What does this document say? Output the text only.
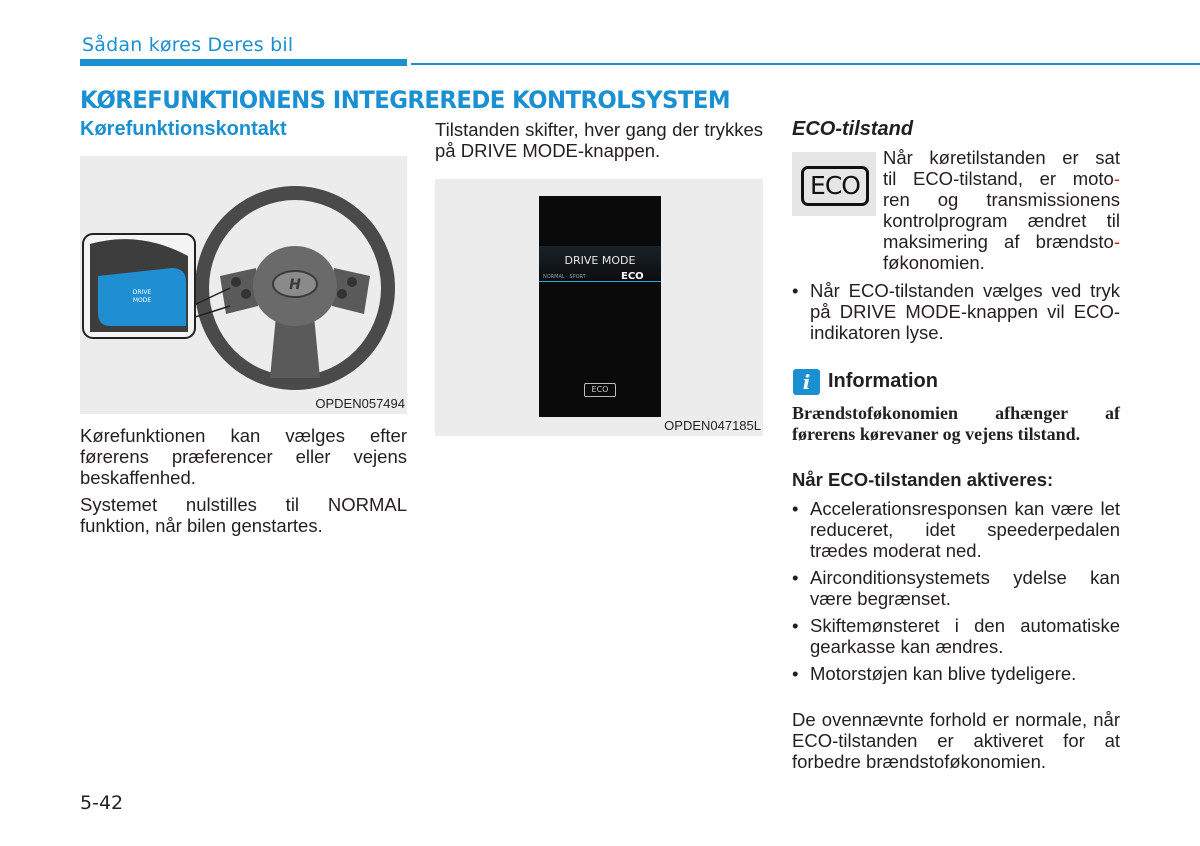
Sådan køres Deres bil
KØREFUNKTIONENS INTEGREREDE KONTROLSYSTEM
Kørefunktionskontakt
H
DRIVE
MODE
OPDEN057494
Kørefunktionen kan vælges efter førerens præferencer eller vejens beskaffenhed.
Systemet nulstilles til NORMAL funktion, når bilen genstartes.
Tilstanden skifter, hver gang der trykkes på DRIVE MODE-knappen.
DRIVE MODE
NORMAL · SPORT	ECO
ECO
OPDEN047185L
ECO-tilstand
ECO
Når køretilstanden er sat
til ECO-tilstand, er moto -
ren og transmissionens
kontrolprogram ændret til
maksimering af brændsto -
føkonomien.
• Når ECO-tilstanden vælges ved tryk på DRIVE MODE-knappen vil ECO-indikatoren lyse.
i Information
Brændstoføkonomien afhænger af førerens kørevaner og vejens tilstand.
Når ECO-tilstanden aktiveres:
• Accelerationsresponsen kan være let reduceret, idet speederpedalen trædes moderat ned.
• Airconditionsystemets ydelse kan være begrænset.
• Skiftemønsteret i den automatiske gearkasse kan ændres.
• Motorstøjen kan blive tydeligere.
De ovennævnte forhold er normale, når ECO-tilstanden er aktiveret for at forbedre brændstoføkonomien.
5-42
